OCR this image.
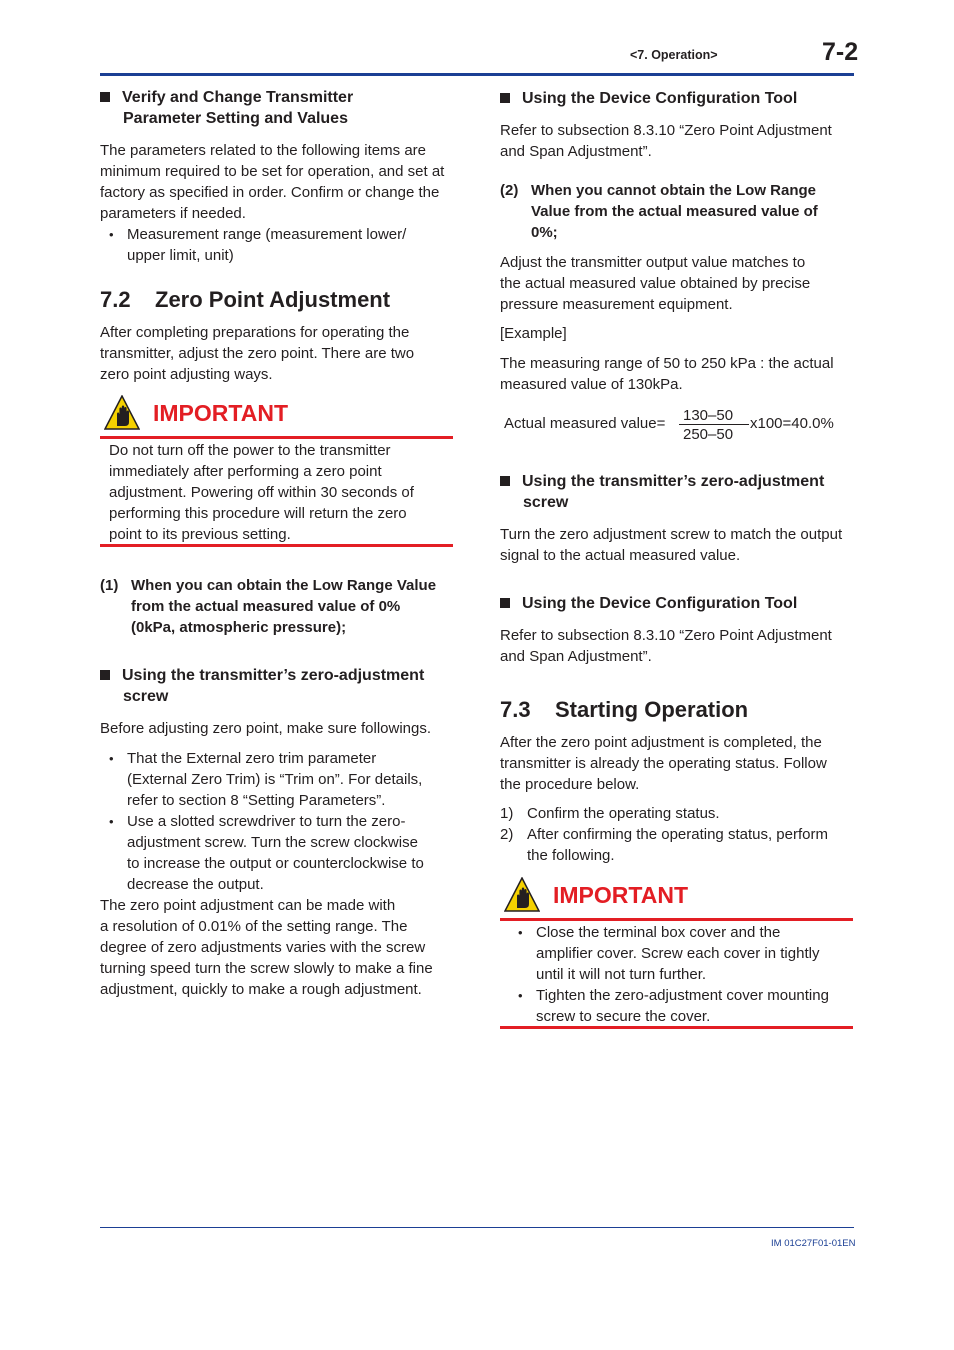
<7. Operation>	7-2
Verify and Change Transmitter
Parameter Setting and Values

The parameters related to the following items are

minimum required to be set for operation, and set at

factory as specified in order. Confirm or change the

parameters if needed.

• Measurement range (measurement lower/
upper limit, unit)
7.2 Zero Point Adjustment

After completing preparations for operating the

transmitter, adjust the zero point. There are two

zero point adjusting ways.

IMPORTANT

Do not turn off the power to the transmitter

immediately after performing a zero point

adjustment. Powering off within 30 seconds of

performing this procedure will return the zero

point to its previous setting.

(1) When you can obtain the Low Range Value
from the actual measured value of 0%
(0kPa, atmospheric pressure);
Using the transmitter’s zero-adjustment
screw

Before adjusting zero point, make sure followings.

• That the External zero trim parameter
(External Zero Trim) is “Trim on”. For details,
refer to section 8 “Setting Parameters”.
• Use a slotted screwdriver to turn the zero-
adjustment screw. Turn the screw clockwise
to increase the output or counterclockwise to
decrease the output.

The zero point adjustment can be made with

a resolution of 0.01% of the setting range. The

degree of zero adjustments varies with the screw

turning speed turn the screw slowly to make a fine

adjustment, quickly to make a rough adjustment.

Using the Device Configuration Tool

Refer to subsection 8.3.10 “Zero Point Adjustment

and Span Adjustment”.

(2) When you cannot obtain the Low Range
Value from the actual measured value of
0%;

Adjust the transmitter output value matches to

the actual measured value obtained by precise

pressure measurement equipment.

[Example]

The measuring range of 50 to 250 kPa : the actual

measured value of 130kPa.

Actual measured value= 130–50
250–50
x100=40.0%
Using the transmitter’s zero-adjustment
screw

Turn the zero adjustment screw to match the output

signal to the actual measured value.

Using the Device Configuration Tool

Refer to subsection 8.3.10 “Zero Point Adjustment

and Span Adjustment”.

7.3 Starting Operation

After the zero point adjustment is completed, the

transmitter is already the operating status. Follow

the procedure below.

1) Confirm the operating status.
2) After confirming the operating status, perform
the following.
IMPORTANT
• Close the terminal box cover and the
amplifier cover. Screw each cover in tightly
until it will not turn further.
• Tighten the zero-adjustment cover mounting
screw to secure the cover.
IM 01C27F01-01EN
